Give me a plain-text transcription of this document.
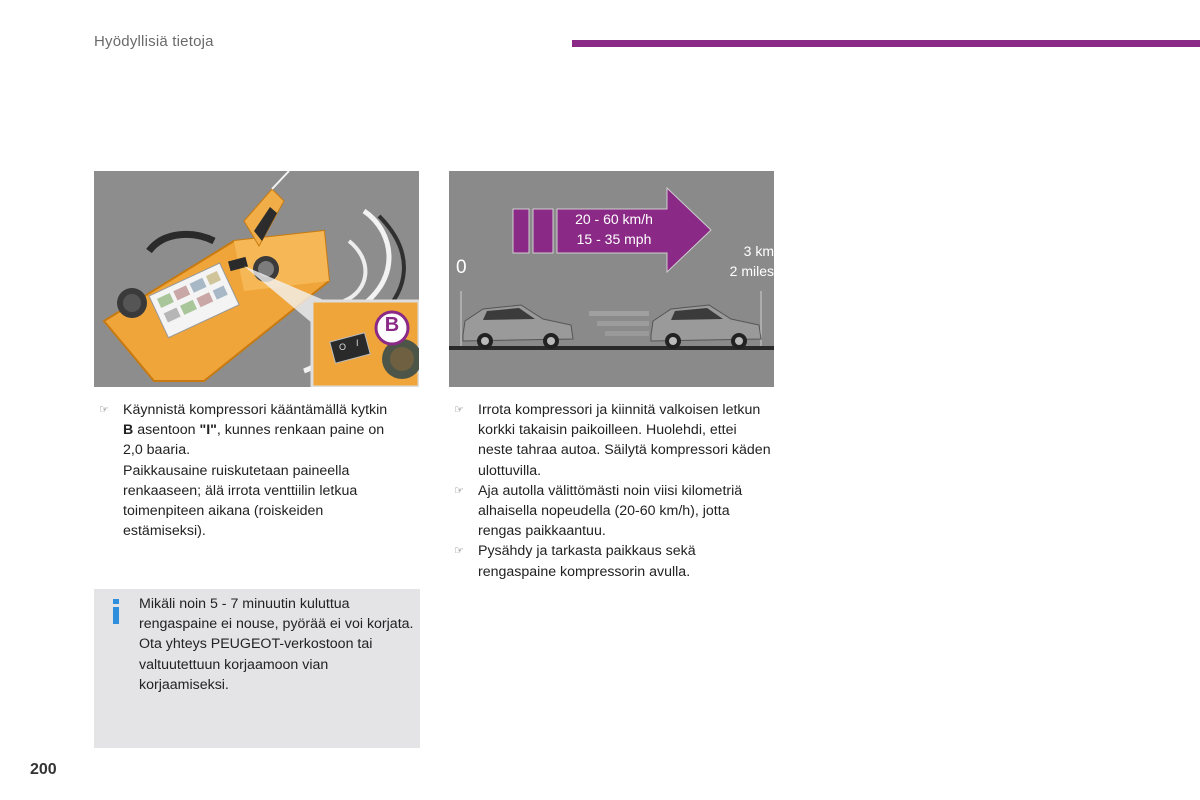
Hyödyllisiä tietoja
B
O I
20 - 60 km/h
15 - 35 mph
0
3 km
2 miles
☞ Käynnistä kompressori kääntämällä kytkin
B asentoon "I", kunnes renkaan paine on
2,0 baaria.
Paikkausaine ruiskutetaan paineella renkaaseen; älä irrota venttiilin letkua toimenpiteen aikana (roiskeiden estämiseksi).
☞ Irrota kompressori ja kiinnitä valkoisen letkun korkki takaisin paikoilleen. Huolehdi, ettei neste tahraa autoa. Säilytä kompressori käden ulottuvilla.
☞ Aja autolla välittömästi noin viisi kilometriä alhaisella nopeudella (20-60 km/h), jotta rengas paikkaantuu.
☞ Pysähdy ja tarkasta paikkaus sekä rengaspaine kompressorin avulla.
Mikäli noin 5 - 7 minuutin kuluttua rengaspaine ei nouse, pyörää ei voi korjata. Ota yhteys PEUGEOT-verkostoon tai valtuutettuun korjaamoon vian korjaamiseksi.
200
